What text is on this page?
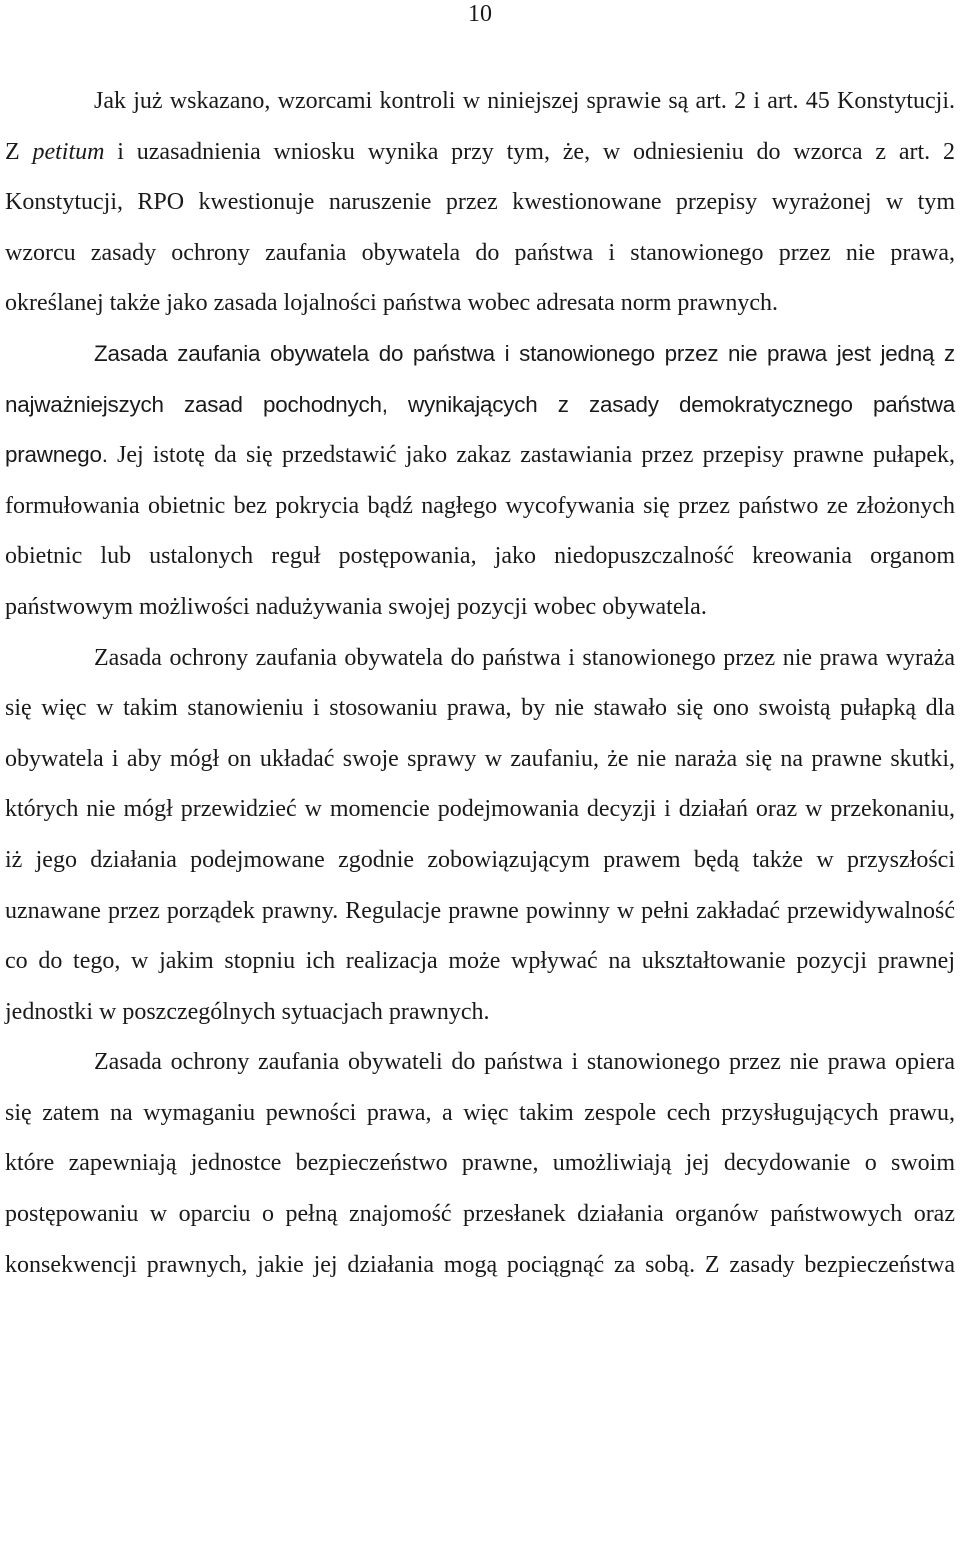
10

Jak już wskazano, wzorcami kontroli w niniejszej sprawie są art. 2 i art. 45 Konstytucji. Z petitum i uzasadnienia wniosku wynika przy tym, że, w odniesieniu do wzorca z art. 2 Konstytucji, RPO kwestionuje naruszenie przez kwestionowane przepisy wyrażonej w tym wzorcu zasady ochrony zaufania obywatela do państwa i stanowionego przez nie prawa, określanej także jako zasada lojalności państwa wobec adresata norm prawnych.

Zasada zaufania obywatela do państwa i stanowionego przez nie prawa jest jedną z najważniejszych zasad pochodnych, wynikających z zasady demokratycznego państwa prawnego. Jej istotę da się przedstawić jako zakaz zastawiania przez przepisy prawne pułapek, formułowania obietnic bez pokrycia bądź nagłego wycofywania się przez państwo ze złożonych obietnic lub ustalonych reguł postępowania, jako niedopuszczalność kreowania organom państwowym możliwości nadużywania swojej pozycji wobec obywatela.

Zasada ochrony zaufania obywatela do państwa i stanowionego przez nie prawa wyraża się więc w takim stanowieniu i stosowaniu prawa, by nie stawało się ono swoistą pułapką dla obywatela i aby mógł on układać swoje sprawy w zaufaniu, że nie naraża się na prawne skutki, których nie mógł przewidzieć w momencie podejmowania decyzji i działań oraz w przekonaniu, iż jego działania podejmowane zgodnie zobowiązującym prawem będą także w przyszłości uznawane przez porządek prawny. Regulacje prawne powinny w pełni zakładać przewidywalność co do tego, w jakim stopniu ich realizacja może wpływać na ukształtowanie pozycji prawnej jednostki w poszczególnych sytuacjach prawnych.

Zasada ochrony zaufania obywateli do państwa i stanowionego przez nie prawa opiera się zatem na wymaganiu pewności prawa, a więc takim zespole cech przysługujących prawu, które zapewniają jednostce bezpieczeństwo prawne, umożliwiają jej decydowanie o swoim postępowaniu w oparciu o pełną znajomość przesłanek działania organów państwowych oraz konsekwencji prawnych, jakie jej działania mogą pociągnąć za sobą. Z zasady bezpieczeństwa
